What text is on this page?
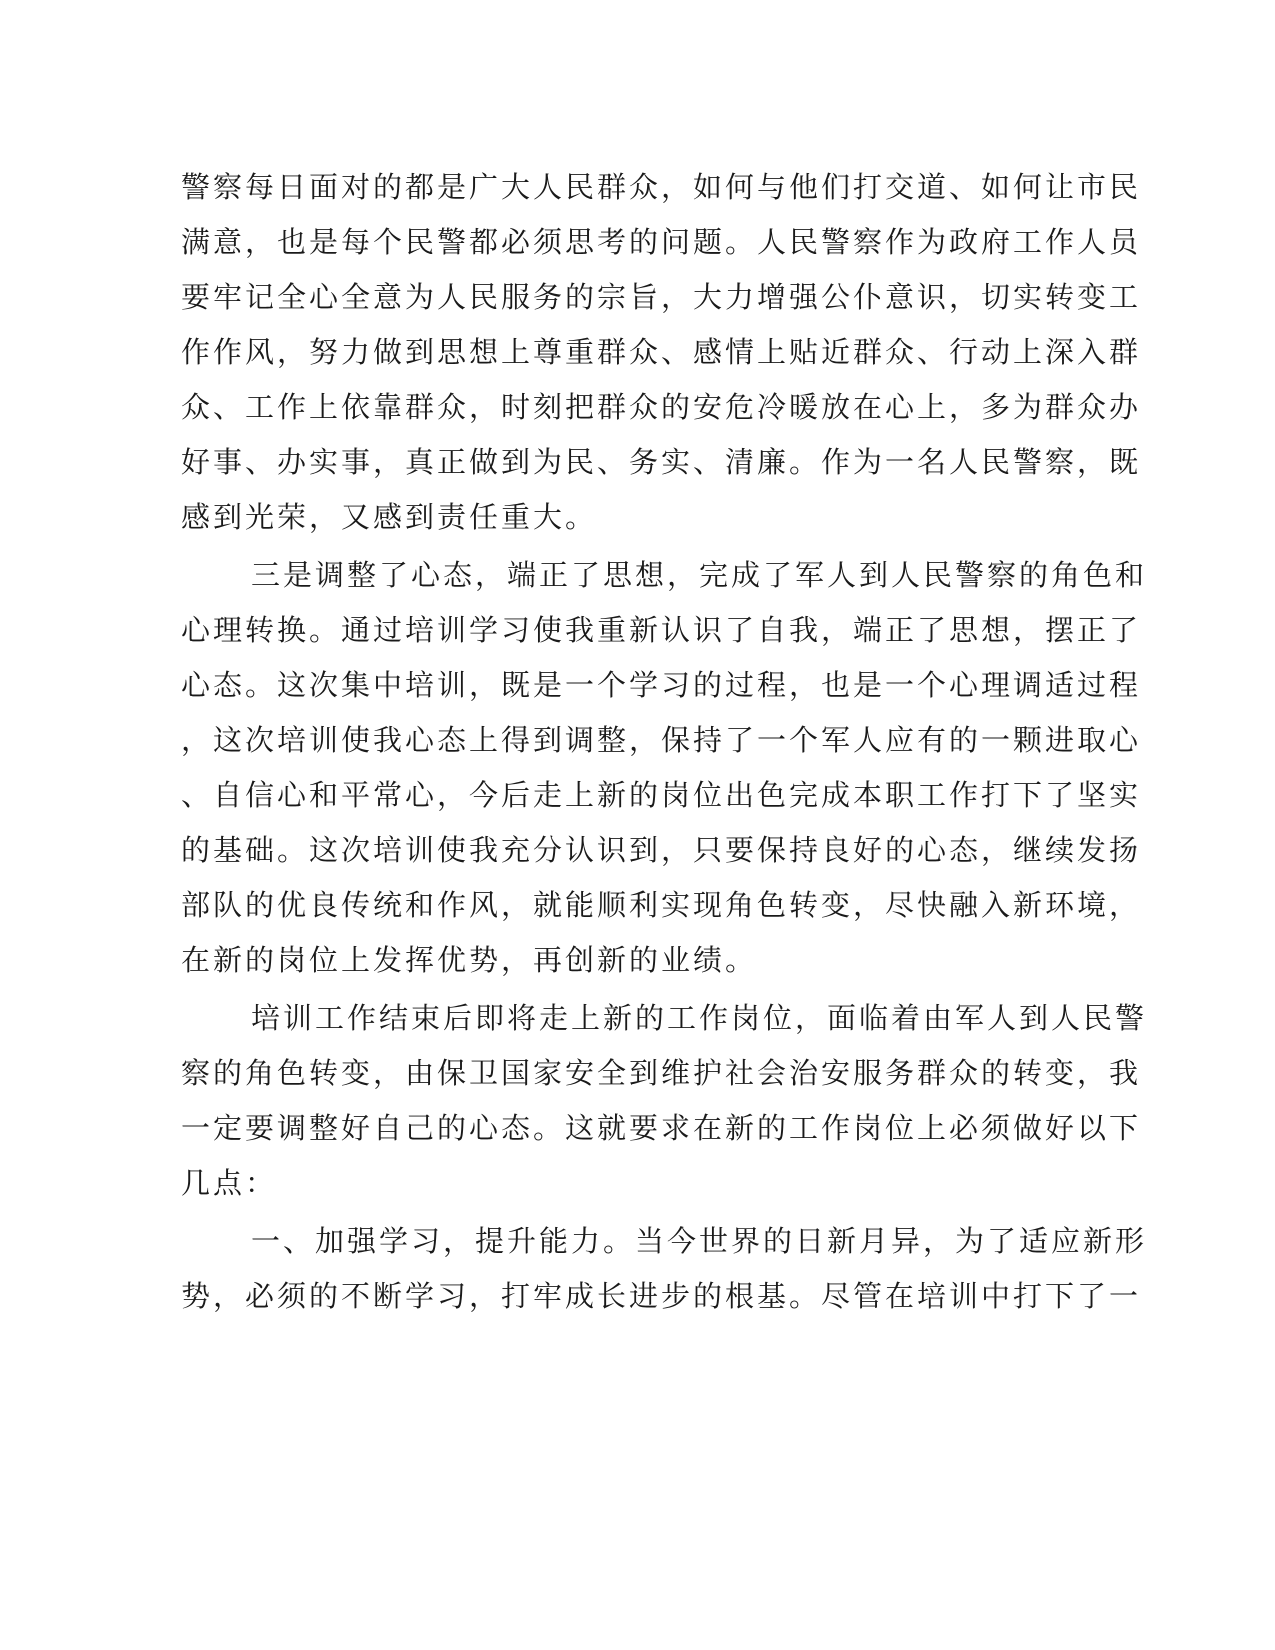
警察每日面对的都是广大人民群众，如何与他们打交道、如何让市民
满意，也是每个民警都必须思考的问题。人民警察作为政府工作人员
要牢记全心全意为人民服务的宗旨，大力增强公仆意识，切实转变工
作作风，努力做到思想上尊重群众、感情上贴近群众、行动上深入群
众、工作上依靠群众，时刻把群众的安危冷暖放在心上，多为群众办
好事、办实事，真正做到为民、务实、清廉。作为一名人民警察，既
感到光荣，又感到责任重大。
三是调整了心态，端正了思想，完成了军人到人民警察的角色和
心理转换。通过培训学习使我重新认识了自我，端正了思想，摆正了
心态。这次集中培训，既是一个学习的过程，也是一个心理调适过程
，这次培训使我心态上得到调整，保持了一个军人应有的一颗进取心
、自信心和平常心，今后走上新的岗位出色完成本职工作打下了坚实
的基础。这次培训使我充分认识到，只要保持良好的心态，继续发扬
部队的优良传统和作风，就能顺利实现角色转变，尽快融入新环境，
在新的岗位上发挥优势，再创新的业绩。
培训工作结束后即将走上新的工作岗位，面临着由军人到人民警
察的角色转变，由保卫国家安全到维护社会治安服务群众的转变，我
一定要调整好自己的心态。这就要求在新的工作岗位上必须做好以下
几点：
一、加强学习，提升能力。当今世界的日新月异，为了适应新形
势，必须的不断学习，打牢成长进步的根基。尽管在培训中打下了一
